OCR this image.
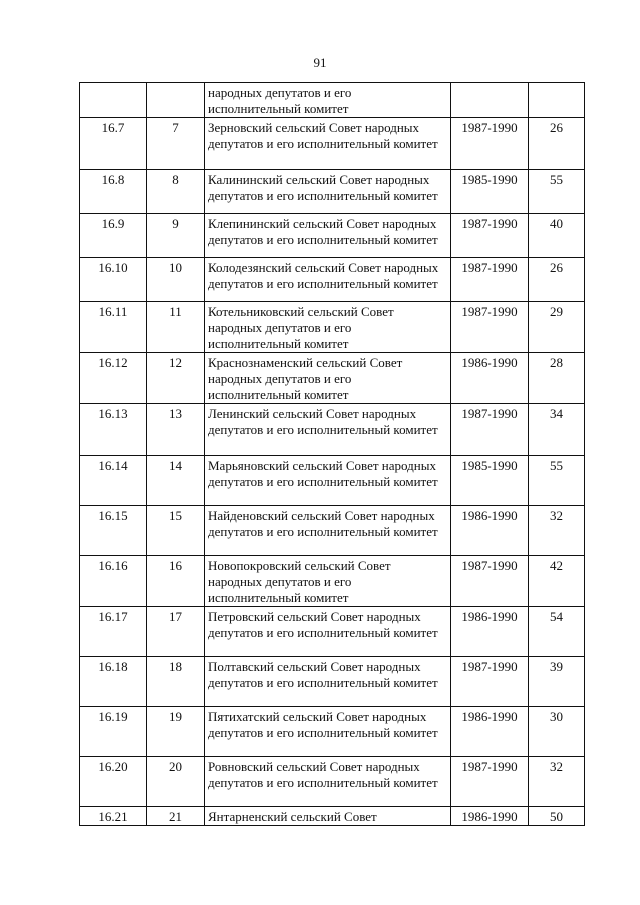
91
		народных депутатов и его исполнительный комитет		
16.7	7	Зерновский сельский Совет народных депутатов и его исполнительный комитет	1987-1990	26
16.8	8	Калининский сельский Совет народных депутатов и его исполнительный комитет	1985-1990	55
16.9	9	Клепининский сельский Совет народных депутатов и его исполнительный комитет	1987-1990	40
16.10	10	Колодезянский сельский Совет народных депутатов и его исполнительный комитет	1987-1990	26
16.11	11	Котельниковский сельский Совет народных депутатов и его исполнительный комитет	1987-1990	29
16.12	12	Краснознаменский сельский Совет народных депутатов и его исполнительный комитет	1986-1990	28
16.13	13	Ленинский сельский Совет народных депутатов и его исполнительный комитет	1987-1990	34
16.14	14	Марьяновский сельский Совет народных депутатов и его исполнительный комитет	1985-1990	55
16.15	15	Найденовский сельский Совет народных депутатов и его исполнительный комитет	1986-1990	32
16.16	16	Новопокровский сельский Совет народных депутатов и его исполнительный комитет	1987-1990	42
16.17	17	Петровский сельский Совет народных депутатов и его исполнительный комитет	1986-1990	54
16.18	18	Полтавский сельский Совет народных депутатов и его исполнительный комитет	1987-1990	39
16.19	19	Пятихатский сельский Совет народных депутатов и его исполнительный комитет	1986-1990	30
16.20	20	Ровновский сельский Совет народных депутатов и его исполнительный комитет	1987-1990	32
16.21	21	Янтарненский сельский Совет	1986-1990	50
